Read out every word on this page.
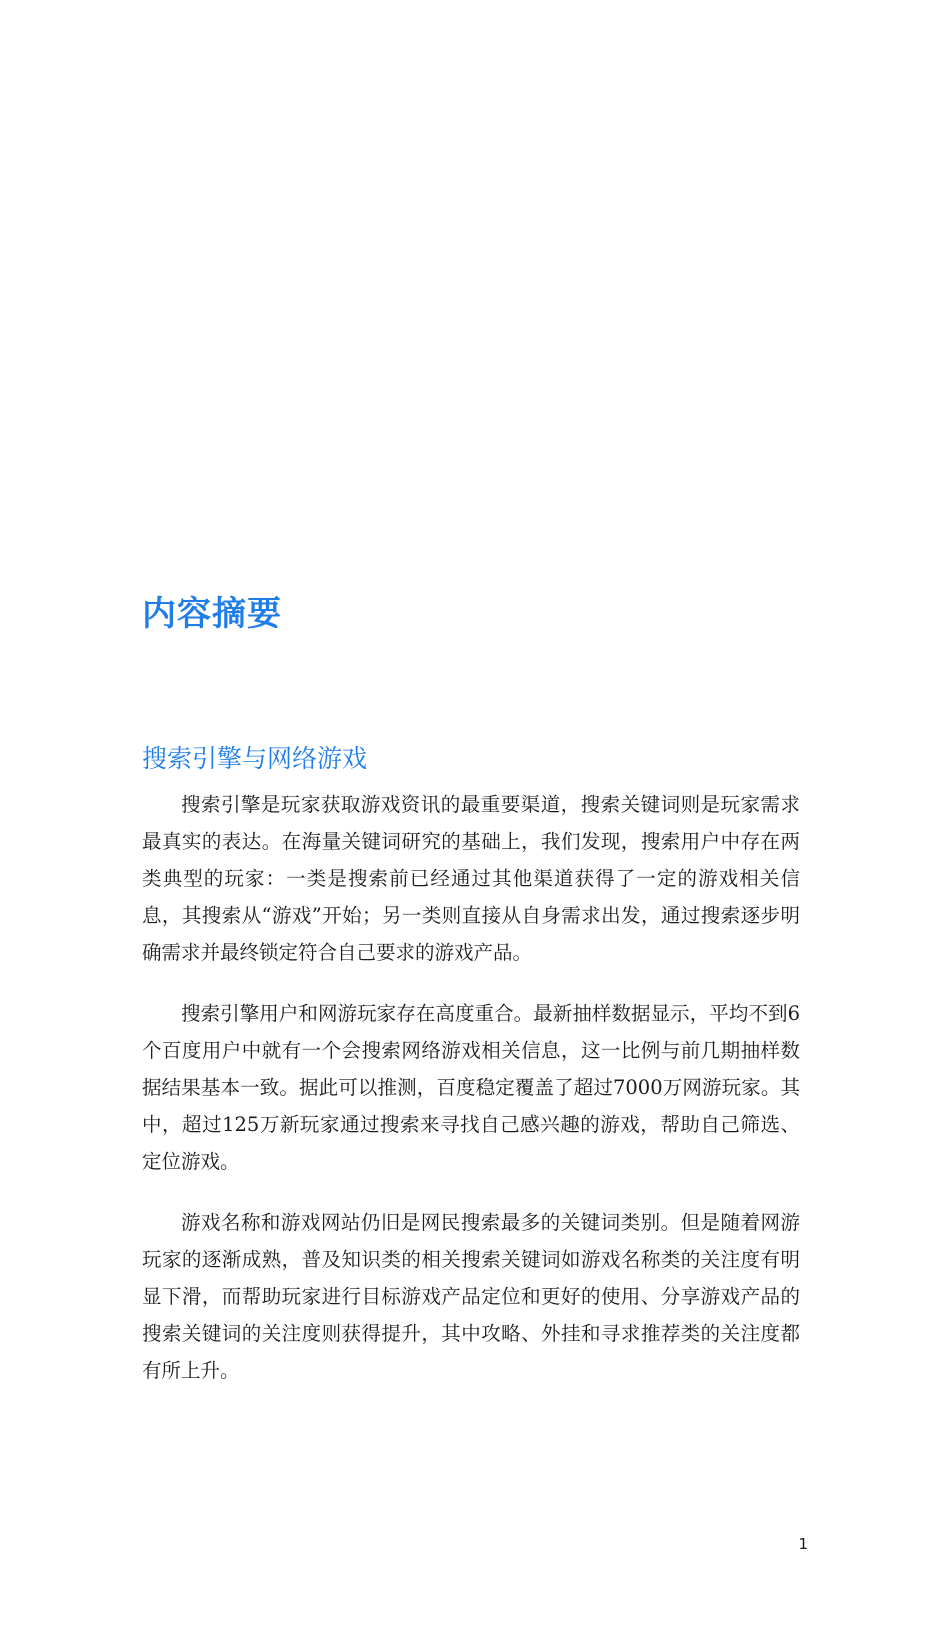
内容摘要
搜索引擎与网络游戏

搜索引擎是玩家获取游戏资讯的最重要渠道，搜索关键词则是玩家需求最真实的表达。在海量关键词研究的基础上，我们发现，搜索用户中存在两类典型的玩家：一类是搜索前已经通过其他渠道获得了一定的游戏相关信息，其搜索从“游戏”开始；另一类则直接从自身需求出发，通过搜索逐步明确需求并最终锁定符合自己要求的游戏产品。

搜索引擎用户和网游玩家存在高度重合。最新抽样数据显示，平均不到6个百度用户中就有一个会搜索网络游戏相关信息，这一比例与前几期抽样数据结果基本一致。据此可以推测，百度稳定覆盖了超过7000万网游玩家。其中，超过125万新玩家通过搜索来寻找自己感兴趣的游戏，帮助自己筛选、定位游戏。

游戏名称和游戏网站仍旧是网民搜索最多的关键词类别。但是随着网游玩家的逐渐成熟，普及知识类的相关搜索关键词如游戏名称类的关注度有明显下滑，而帮助玩家进行目标游戏产品定位和更好的使用、分享游戏产品的搜索关键词的关注度则获得提升，其中攻略、外挂和寻求推荐类的关注度都有所上升。

1
